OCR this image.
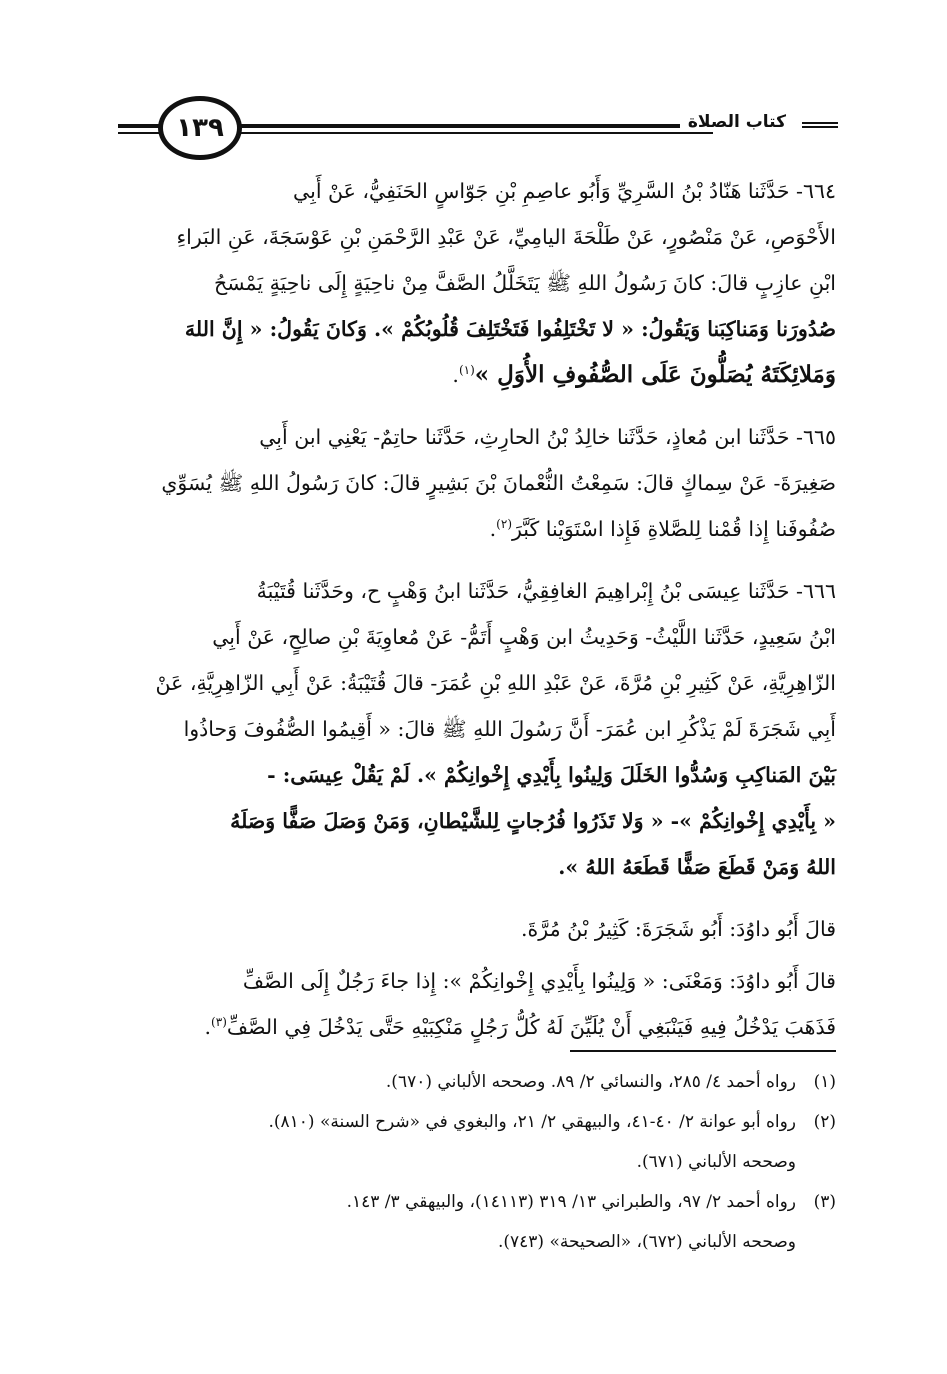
١٣٩	كتاب الصلاة

٦٦٤- حَدَّثَنا هَنّادُ بْنُ السَّرِيِّ وَأَبُو عاصِمِ بْنِ جَوّاسٍ الحَنَفِيُّ، عَنْ أَبِي
الأَحْوَصِ، عَنْ مَنْصُورٍ، عَنْ طَلْحَةَ اليامِيِّ، عَنْ عَبْدِ الرَّحْمَنِ بْنِ عَوْسَجَةَ، عَنِ البَراءِ
ابْنِ عازِبٍ قالَ: كانَ رَسُولُ اللهِ ﷺ يَتَخَلَّلُ الصَّفَّ مِنْ ناحِيَةٍ إِلَى ناحِيَةٍ يَمْسَحُ
صُدُورَنا وَمَناكِبَنا وَيَقُولُ: « لا تَخْتَلِفُوا فَتَخْتَلِفَ قُلُوبُكُمْ ». وَكانَ يَقُولُ: « إِنَّ اللهَ
وَمَلائِكَتَهُ يُصَلُّونَ عَلَى الصُّفُوفِ الأُوَلِ »$^{(١)}$.

٦٦٥- حَدَّثَنا ابن مُعاذٍ، حَدَّثَنا خالِدُ بْنُ الحارِثِ، حَدَّثَنا حاتِمٌ- يَعْنِي ابن أَبِي
صَغِيرَةَ- عَنْ سِماكٍ قالَ: سَمِعْتُ النُّعْمانَ بْنَ بَشِيرٍ قالَ: كانَ رَسُولُ اللهِ ﷺ يُسَوِّي
صُفُوفَنا إِذا قُمْنا لِلصَّلاةِ فَإِذا اسْتَوَيْنا كَبَّرَ$^{(٢)}$.

٦٦٦- حَدَّثَنا عِيسَى بْنُ إِبْراهِيمَ الغافِقِيُّ، حَدَّثَنا ابنُ وَهْبٍ ح، وحَدَّثَنا قُتَيْبَةُ
ابْنُ سَعِيدٍ، حَدَّثَنا اللَّيْثُ- وَحَدِيثُ ابن وَهْبٍ أَتَمُّ- عَنْ مُعاوِيَةَ بْنِ صالِحٍ، عَنْ أَبِي
الزّاهِرِيَّةِ، عَنْ كَثِيرِ بْنِ مُرَّةَ، عَنْ عَبْدِ اللهِ بْنِ عُمَرَ- قالَ قُتَيْبَةُ: عَنْ أَبِي الزّاهِرِيَّةِ، عَنْ
أَبِي شَجَرَةَ لَمْ يَذْكُرِ ابن عُمَرَ- أَنَّ رَسُولَ اللهِ ﷺ قالَ: « أَقِيمُوا الصُّفُوفَ وَحاذُوا
بَيْنَ المَناكِبِ وَسُدُّوا الخَلَلَ وَلِينُوا بِأَيْدِي إِخْوانِكُمْ ». لَمْ يَقُلْ عِيسَى: -
« بِأَيْدِي إِخْوانِكُمْ »- « وَلا تَذَرُوا فُرُجاتٍ لِلشَّيْطانِ، وَمَنْ وَصَلَ صَفًّا وَصَلَهُ
اللهُ وَمَنْ قَطَعَ صَفًّا قَطَعَهُ اللهُ ».

قالَ أَبُو داوُدَ: أَبُو شَجَرَةَ: كَثِيرُ بْنُ مُرَّةَ.

قالَ أَبُو داوُدَ: وَمَعْنَى: « وَلِينُوا بِأَيْدِي إِخْوانِكُمْ »: إِذا جاءَ رَجُلٌ إِلَى الصَّفِّ
فَذَهَبَ يَدْخُلُ فِيهِ فَيَنْبَغِي أَنْ يُلَيِّنَ لَهُ كُلُّ رَجُلٍ مَنْكِبَيْهِ حَتَّى يَدْخُلَ فِي الصَّفِّ$^{(٣)}$.

(١)
رواه أحمد ٤/ ٢٨٥، والنسائي ٢/ ٨٩. وصححه الألباني (٦٧٠).
(٢)
رواه أبو عوانة ٢/ ٤٠-٤١، والبيهقي ٢/ ٢١، والبغوي في «شرح السنة» (٨١٠).
وصححه الألباني (٦٧١).
(٣)
رواه أحمد ٢/ ٩٧، والطبراني ١٣/ ٣١٩ (١٤١١٣)، والبيهقي ٣/ ١٤٣.
وصححه الألباني (٦٧٢)، «الصحيحة» (٧٤٣).
